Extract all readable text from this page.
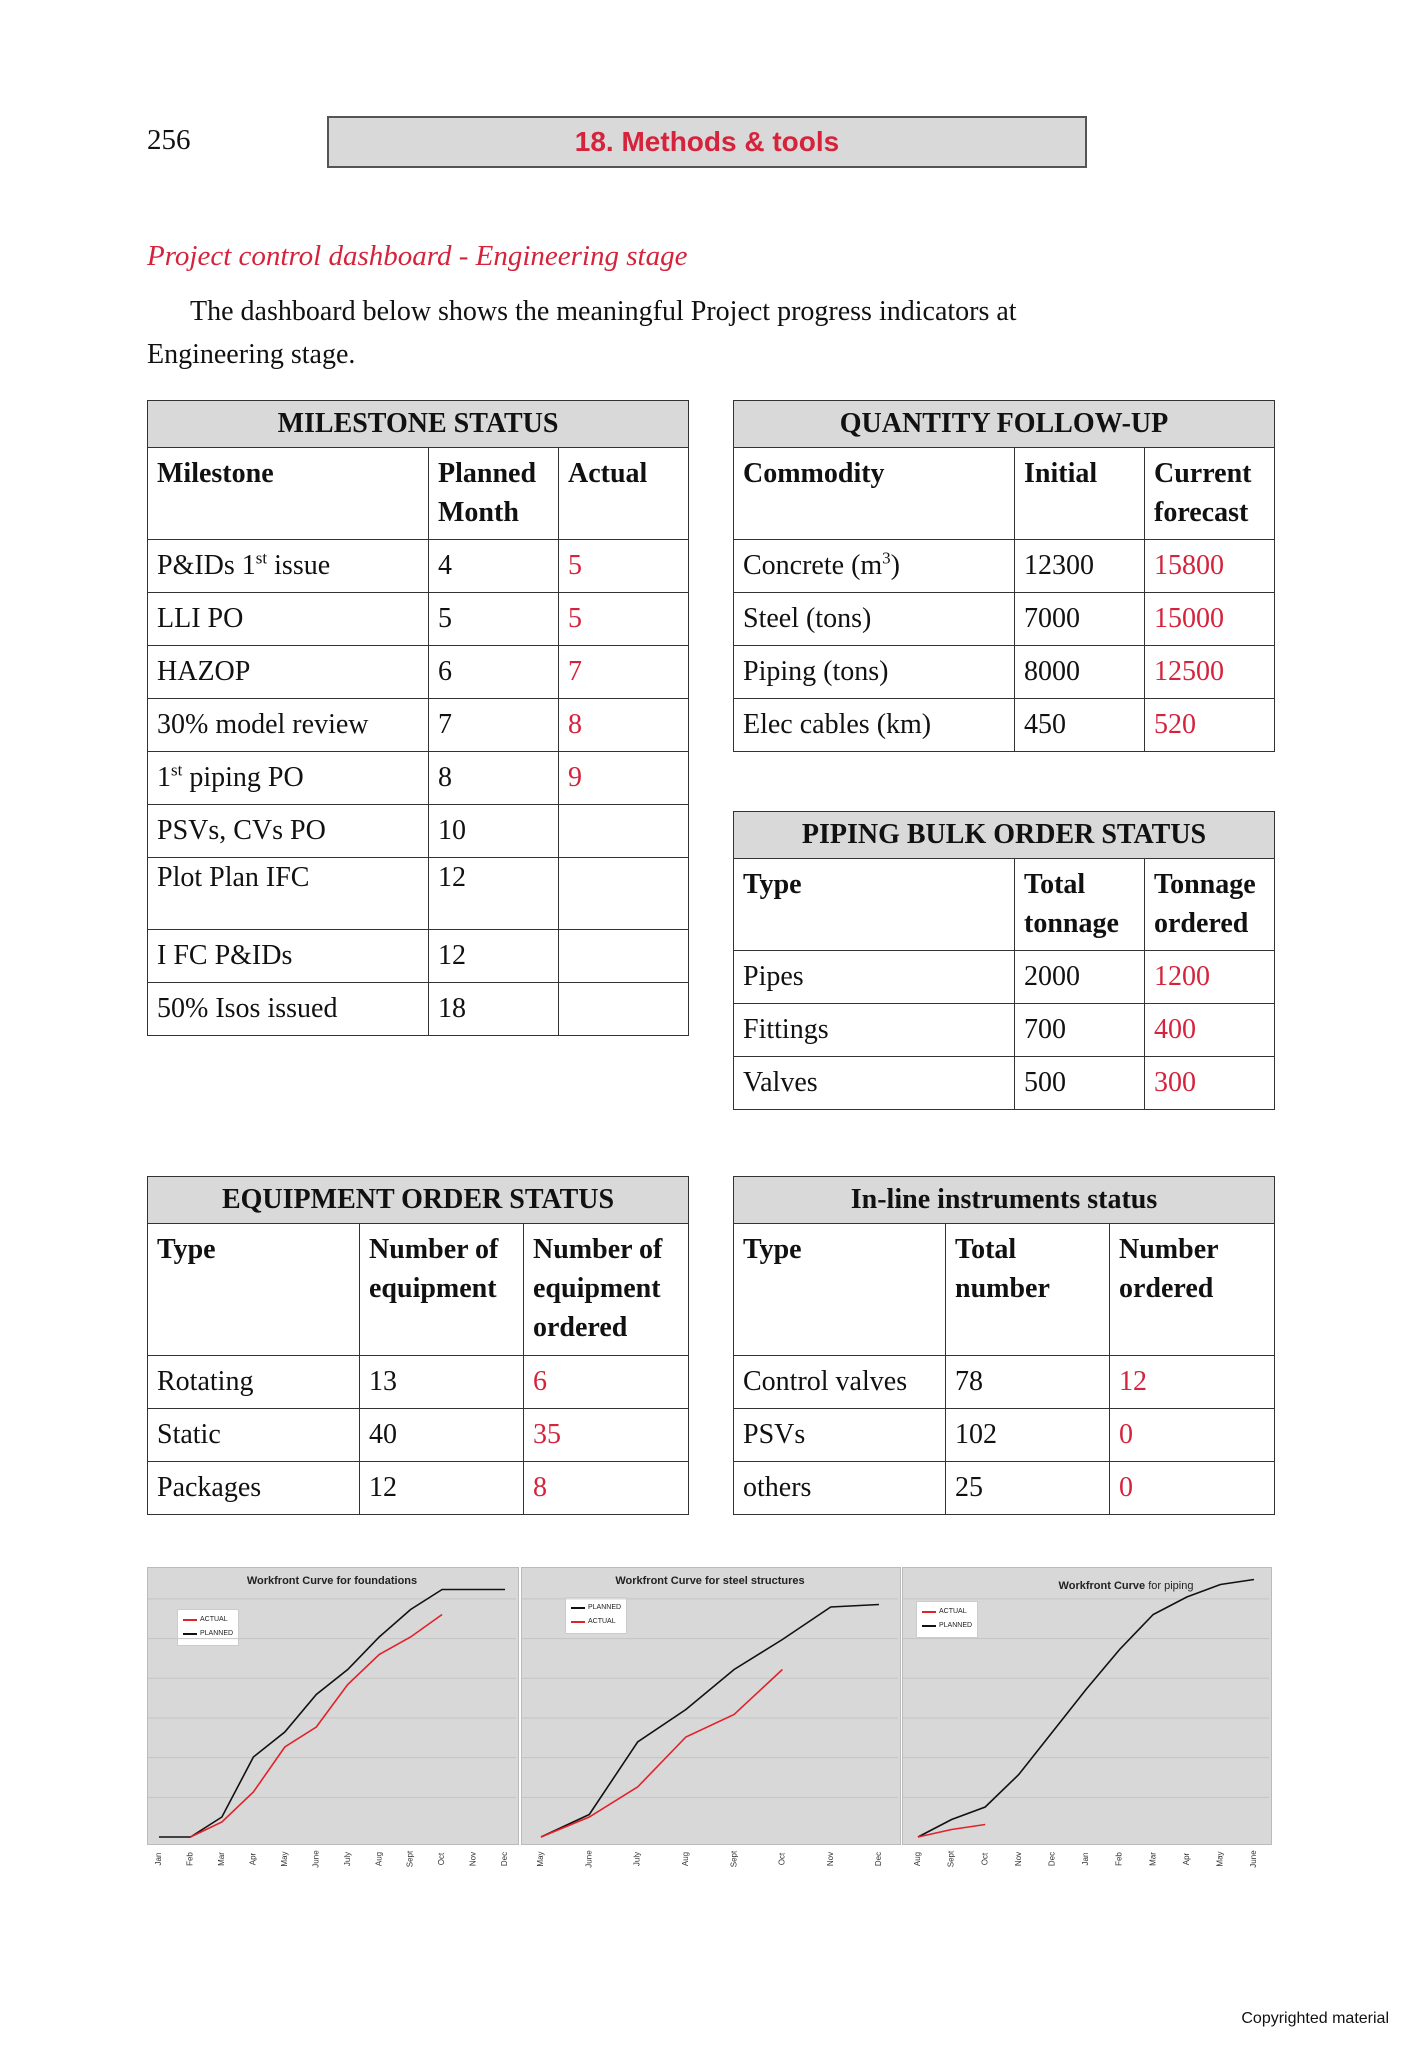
256	18. Methods & tools
Project control dashboard - Engineering stage
The dashboard below shows the meaningful Project progress indicators at
Engineering stage.
MILESTONE STATUS		
Milestone	Planned Month	Actual
P&IDs 1st issue	4	5
LLI PO	5	5
HAZOP	6	7
30% model review	7	8
1st piping PO	8	9
PSVs, CVs PO	10	
Plot Plan IFC	12	
I FC P&IDs	12	
50% Isos issued	18	
QUANTITY FOLLOW-UP		
Commodity	Initial	Current forecast
Concrete $(m^3)$	12300	15800
Steel (tons)	7000	15000
Piping (tons)	8000	12500
Elec cables (km)	450	520
PIPING BULK ORDER STATUS		
Type	Total tonnage	Tonnage ordered
Pipes	2000	1200
Fittings	700	400
Valves	500	300
EQUIPMENT ORDER STATUS		
Type	Number of equipment	Number of equipment ordered
Rotating	13	6
Static	40	35
Packages	12	8
In-line instruments status		
Type	Total number	Number ordered
Control valves	78	12
PSVs	102	0
others	25	0
Workfront Curve for foundations
ACTUAL
PLANNED
Jan	Feb	Mar	Apr	May	June	July	Aug	Sept	Oct	Nov	Dec
Workfront Curve for steel structures
PLANNED
ACTUAL
May	June	July	Aug	Sept	Oct	Nov	Dec
Workfront Curve for piping
ACTUAL
PLANNED
Aug	Sept	Oct	Nov	Dec	Jan	Feb	Mar	Apr	May	June
Copyrighted material
